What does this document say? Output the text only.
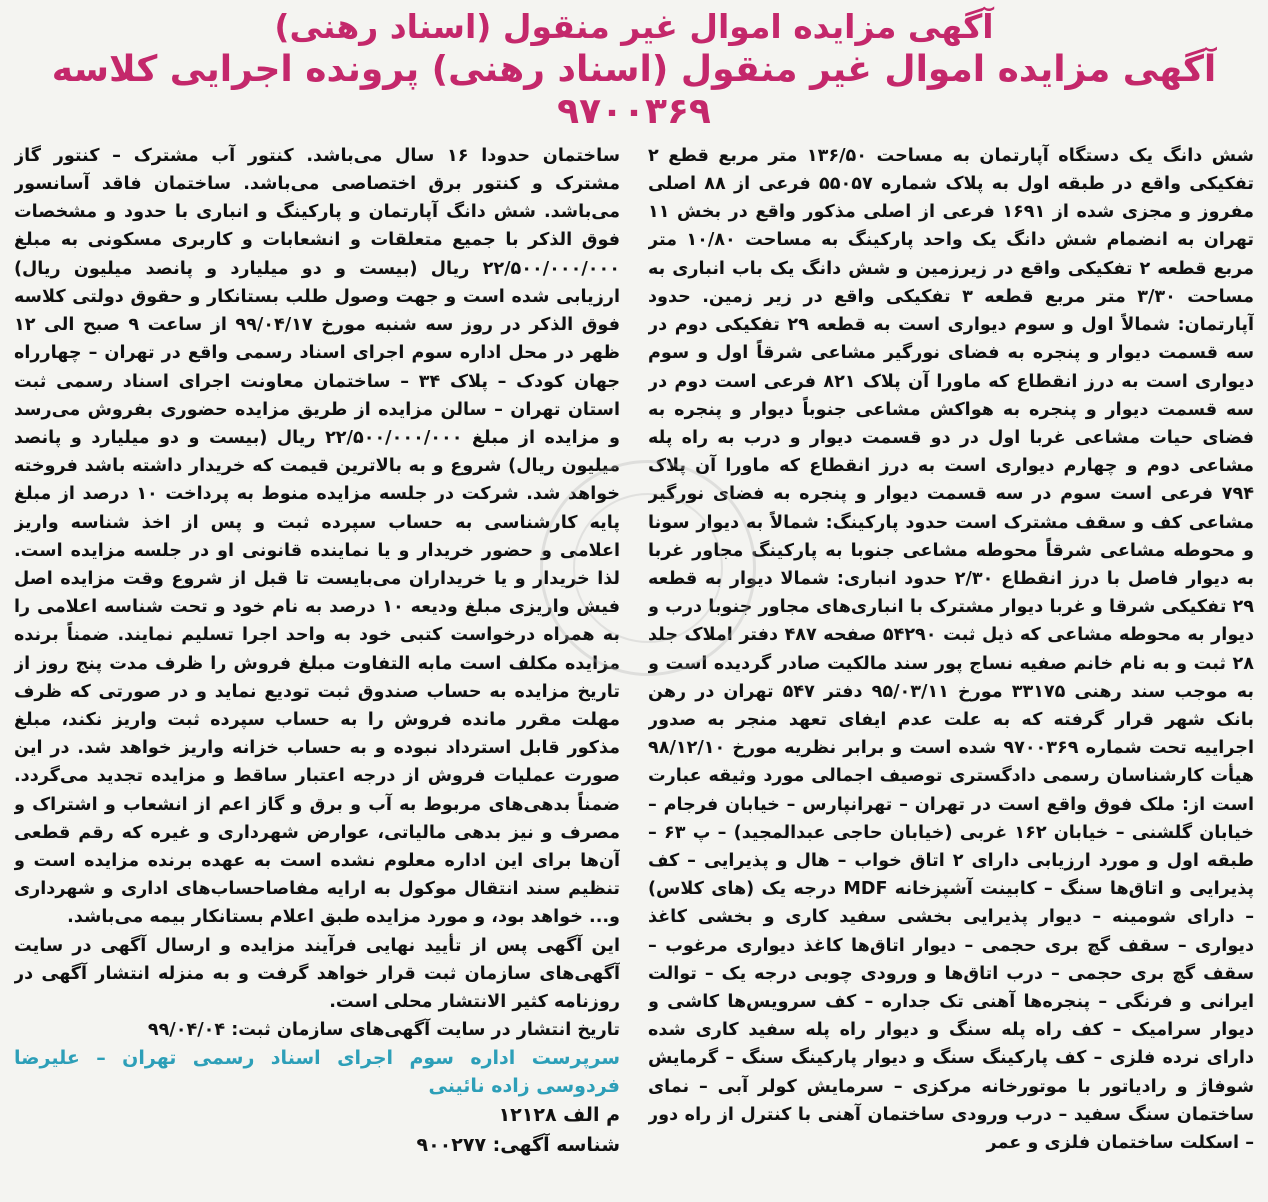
آگهی مزایده اموال غیر منقول (اسناد رهنی)
آگهی مزایده اموال غیر منقول (اسناد رهنی) پرونده اجرایی کلاسه ۹۷۰۰۳۶۹

شش دانگ یک دستگاه آپارتمان به مساحت ۱۳۶/۵۰ متر مربع قطع ۲ تفکیکی واقع در طبقه اول به پلاک شماره ۵۵۰۵۷ فرعی از ۸۸ اصلی مفروز و مجزی شده از ۱۶۹۱ فرعی از اصلی مذکور واقع در بخش ۱۱ تهران به انضمام شش دانگ یک واحد پارکینگ به مساحت ۱۰/۸۰ متر مربع قطعه ۲ تفکیکی واقع در زیرزمین و شش دانگ یک باب انباری به مساحت ۳/۳۰ متر مربع قطعه ۳ تفکیکی واقع در زیر زمین. حدود آپارتمان: شمالاً اول و سوم دیواری است به قطعه ۲۹ تفکیکی دوم در سه قسمت دیوار و پنجره به فضای نورگیر مشاعی شرقاً اول و سوم دیواری است به درز انقطاع که ماورا آن پلاک ۸۲۱ فرعی است دوم در سه قسمت دیوار و پنجره به هواکش مشاعی جنوباً دیوار و پنجره به فضای حیات مشاعی غربا اول در دو قسمت دیوار و درب به راه پله مشاعی دوم و چهارم دیواری است به درز انقطاع که ماورا آن پلاک ۷۹۴ فرعی است سوم در سه قسمت دیوار و پنجره به فضای نورگیر مشاعی کف و سقف مشترک است حدود پارکینگ: شمالاً به دیوار سونا و محوطه مشاعی شرقاً محوطه مشاعی جنوبا به پارکینگ مجاور غربا به دیوار فاصل با درز انقطاع ۲/۳۰ حدود انباری: شمالا دیوار به قطعه ۲۹ تفکیکی شرقا و غربا دیوار مشترک با انباری‌های مجاور جنوبا درب و دیوار به محوطه مشاعی که ذیل ثبت ۵۴۲۹۰ صفحه ۴۸۷ دفتر املاک جلد ۲۸ ثبت و به نام خانم صفیه نساج پور سند مالکیت صادر گردیده است و به موجب سند رهنی ۳۳۱۷۵ مورخ ۹۵/۰۳/۱۱ دفتر ۵۴۷ تهران در رهن بانک شهر قرار گرفته که به علت عدم ایفای تعهد منجر به صدور اجراییه تحت شماره ۹۷۰۰۳۶۹ شده است و برابر نظریه مورخ ۹۸/۱۲/۱۰ هیأت کارشناسان رسمی دادگستری توصیف اجمالی مورد وثیقه عبارت است از: ملک فوق واقع است در تهران – تهرانپارس – خیابان فرجام – خیابان گلشنی – خیابان ۱۶۲ غربی (خیابان حاجی عبدالمجید) – پ ۶۳ – طبقه اول و مورد ارزیابی دارای ۲ اتاق خواب – هال و پذیرایی – کف پذیرایی و اتاق‌ها سنگ – کابینت آشپزخانه MDF درجه یک (های کلاس) – دارای شومینه – دیوار پذیرایی بخشی سفید کاری و بخشی کاغذ دیواری – سقف گچ بری حجمی – دیوار اتاق‌ها کاغذ دیواری مرغوب – سقف گچ بری حجمی – درب اتاق‌ها و ورودی چوبی درجه یک – توالت ایرانی و فرنگی – پنجره‌ها آهنی تک جداره – کف سرویس‌ها کاشی و دیوار سرامیک – کف راه پله سنگ و دیوار راه پله سفید کاری شده دارای نرده فلزی – کف پارکینگ سنگ و دیوار پارکینگ سنگ – گرمایش شوفاژ و رادیاتور با موتورخانه مرکزی – سرمایش کولر آبی – نمای ساختمان سنگ سفید – درب ورودی ساختمان آهنی با کنترل از راه دور – اسکلت ساختمان فلزی و عمر

ساختمان حدودا ۱۶ سال می‌باشد. کنتور آب مشترک – کنتور گاز مشترک و کنتور برق اختصاصی می‌باشد. ساختمان فاقد آسانسور می‌باشد. شش دانگ آپارتمان و پارکینگ و انباری با حدود و مشخصات فوق الذکر با جمیع متعلقات و انشعابات و کاربری مسکونی به مبلغ ۲۲/۵۰۰/۰۰۰/۰۰۰ ریال (بیست و دو میلیارد و پانصد میلیون ریال) ارزیابی شده است و جهت وصول طلب بستانکار و حقوق دولتی کلاسه فوق الذکر در روز سه شنبه مورخ ۹۹/۰۴/۱۷ از ساعت ۹ صبح الی ۱۲ ظهر در محل اداره سوم اجرای اسناد رسمی واقع در تهران – چهارراه جهان کودک – پلاک ۳۴ – ساختمان معاونت اجرای اسناد رسمی ثبت استان تهران – سالن مزایده از طریق مزایده حضوری بفروش می‌رسد و مزایده از مبلغ ۲۲/۵۰۰/۰۰۰/۰۰۰ ریال (بیست و دو میلیارد و پانصد میلیون ریال) شروع و به بالاترین قیمت که خریدار داشته باشد فروخته خواهد شد. شرکت در جلسه مزایده منوط به پرداخت ۱۰ درصد از مبلغ پایه کارشناسی به حساب سپرده ثبت و پس از اخذ شناسه واریز اعلامی و حضور خریدار و یا نماینده قانونی او در جلسه مزایده است. لذا خریدار و یا خریداران می‌بایست تا قبل از شروع وقت مزایده اصل فیش واریزی مبلغ ودیعه ۱۰ درصد به نام خود و تحت شناسه اعلامی را به همراه درخواست کتبی خود به واحد اجرا تسلیم نمایند. ضمناً برنده مزایده مکلف است مابه التفاوت مبلغ فروش را ظرف مدت پنج روز از تاریخ مزایده به حساب صندوق ثبت تودیع نماید و در صورتی که ظرف مهلت مقرر مانده فروش را به حساب سپرده ثبت واریز نکند، مبلغ مذکور قابل استرداد نبوده و به حساب خزانه واریز خواهد شد. در این صورت عملیات فروش از درجه اعتبار ساقط و مزایده تجدید می‌گردد. ضمناً بدهی‌های مربوط به آب و برق و گاز اعم از انشعاب و اشتراک و مصرف و نیز بدهی مالیاتی، عوارض شهرداری و غیره که رقم قطعی آن‌ها برای این اداره معلوم نشده است به عهده برنده مزایده است و تنظیم سند انتقال موکول به ارایه مفاصاحساب‌های اداری و شهرداری و... خواهد بود، و مورد مزایده طبق اعلام بستانکار بیمه می‌باشد.

این آگهی پس از تأیید نهایی فرآیند مزایده و ارسال آگهی در سایت آگهی‌های سازمان ثبت قرار خواهد گرفت و به منزله انتشار آگهی در روزنامه کثیر الانتشار محلی است.

تاریخ انتشار در سایت آگهی‌های سازمان ثبت: ۹۹/۰۴/۰۴

سرپرست اداره سوم اجرای اسناد رسمی تهران – علیرضا فردوسی زاده نائینی

م الف ۱۲۱۲۸

شناسه آگهی: ۹۰۰۲۷۷
